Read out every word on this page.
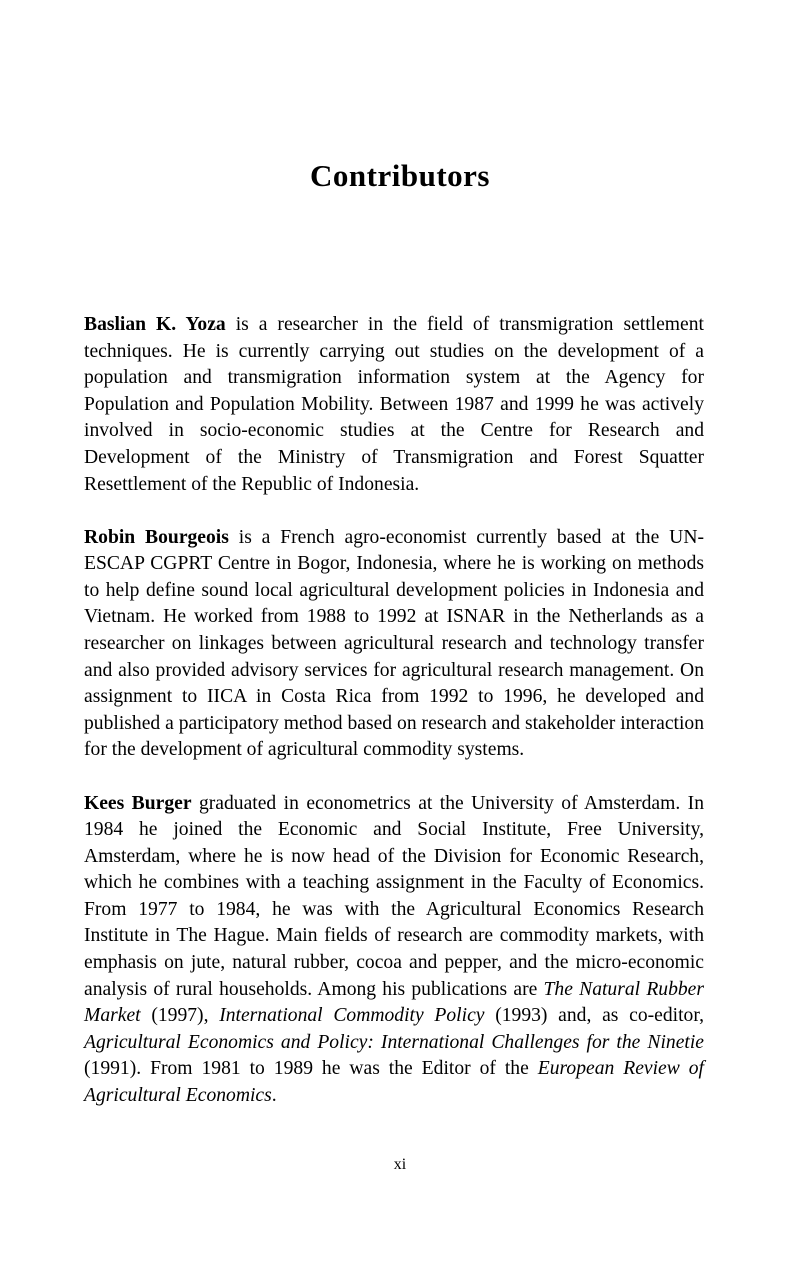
Contributors

Baslian K. Yoza is a researcher in the field of transmigration settlement techniques. He is currently carrying out studies on the development of a population and transmigration information system at the Agency for Population and Population Mobility. Between 1987 and 1999 he was actively involved in socio-economic studies at the Centre for Research and Development of the Ministry of Transmigration and Forest Squatter Resettlement of the Republic of Indonesia.

Robin Bourgeois is a French agro-economist currently based at the UN-ESCAP CGPRT Centre in Bogor, Indonesia, where he is working on methods to help define sound local agricultural development policies in Indonesia and Vietnam. He worked from 1988 to 1992 at ISNAR in the Netherlands as a researcher on linkages between agricultural research and technology transfer and also provided advisory services for agricultural research management. On assignment to IICA in Costa Rica from 1992 to 1996, he developed and published a participatory method based on research and stakeholder interaction for the development of agricultural commodity systems.

Kees Burger graduated in econometrics at the University of Amsterdam. In 1984 he joined the Economic and Social Institute, Free University, Amsterdam, where he is now head of the Division for Economic Research, which he combines with a teaching assignment in the Faculty of Economics. From 1977 to 1984, he was with the Agricultural Economics Research Institute in The Hague. Main fields of research are commodity markets, with emphasis on jute, natural rubber, cocoa and pepper, and the micro-economic analysis of rural households. Among his publications are The Natural Rubber Market (1997), International Commodity Policy (1993) and, as co-editor, Agricultural Economics and Policy: International Challenges for the Ninetie (1991). From 1981 to 1989 he was the Editor of the European Review of Agricultural Economics.

xi
